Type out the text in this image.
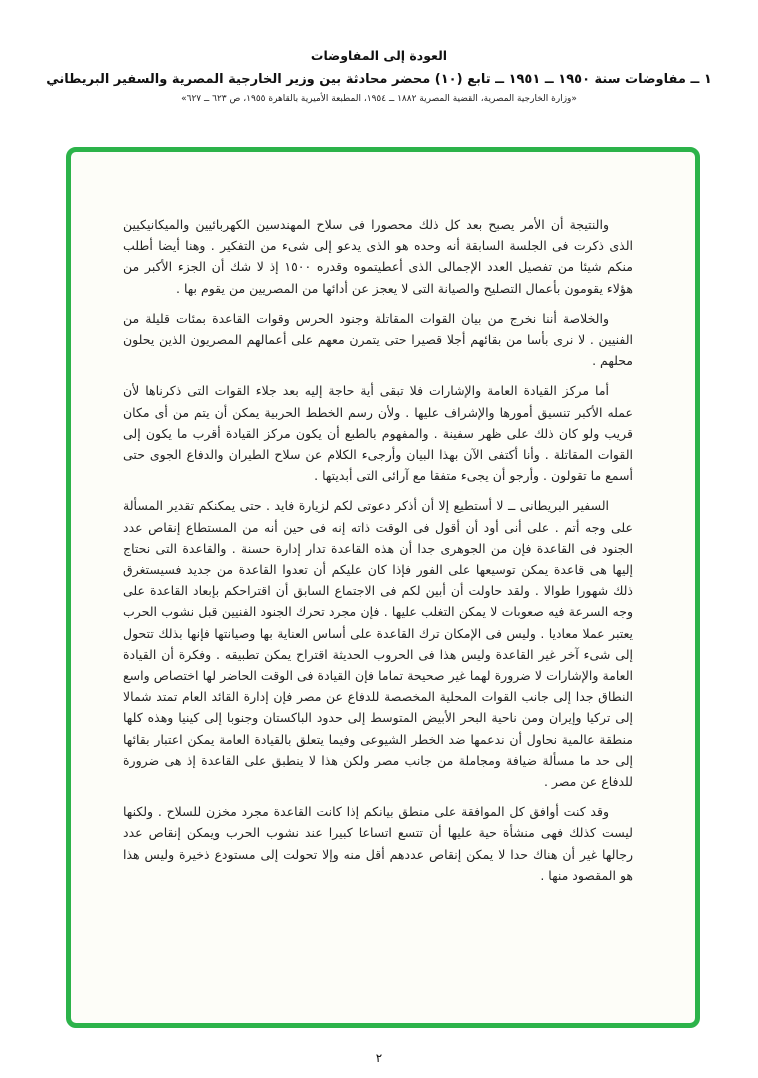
العودة إلى المفاوضات
١ ــ مفاوضات سنة ١٩٥٠ ــ ١٩٥١ ــ تابع (١٠) محضر محادثة بين وزير الخارجية المصرية والسفير البريطاني
«وزارة الخارجية المصرية، القضية المصرية ١٨٨٢ ــ ١٩٥٤، المطبعة الأميرية بالقاهرة ١٩٥٥، ص ٦٢٣ ــ ٦٢٧»

والنتيجة أن الأمر يصبح بعد كل ذلك محصورا فى سلاح المهندسين الكهربائيين والميكانيكيين الذى ذكرت فى الجلسة السابقة أنه وحده هو الذى يدعو إلى شىء من التفكير . وهنا أيضا أطلب منكم شيئا من تفصيل العدد الإجمالى الذى أعطيتموه وقدره ١٥٠٠ إذ لا شك أن الجزء الأكبر من هؤلاء يقومون بأعمال التصليح والصيانة التى لا يعجز عن أدائها من المصريين من يقوم بها .

والخلاصة أننا نخرج من بيان القوات المقاتلة وجنود الحرس وقوات القاعدة بمئات قليلة من الفنيين . لا نرى بأسا من بقائهم أجلا قصيرا حتى يتمرن معهم على أعمالهم المصريون الذين يحلون محلهم .

أما مركز القيادة العامة والإشارات فلا تبقى أية حاجة إليه بعد جلاء القوات التى ذكرناها لأن عمله الأكبر تنسيق أمورها والإشراف عليها . ولأن رسم الخطط الحربية يمكن أن يتم من أى مكان قريب ولو كان ذلك على ظهر سفينة . والمفهوم بالطبع أن يكون مركز القيادة أقرب ما يكون إلى القوات المقاتلة . وأنا أكتفى الآن بهذا البيان وأرجىء الكلام عن سلاح الطيران والدفاع الجوى حتى أسمع ما تقولون . وأرجو أن يجىء متفقا مع آرائى التى أبديتها .

السفير البريطانى ــ لا أستطيع إلا أن أذكر دعوتى لكم لزيارة فايد . حتى يمكنكم تقدير المسألة على وجه أتم . على أنى أود أن أقول فى الوقت ذاته إنه فى حين أنه من المستطاع إنقاص عدد الجنود فى القاعدة فإن من الجوهرى جدا أن هذه القاعدة تدار إدارة حسنة . والقاعدة التى نحتاج إليها هى قاعدة يمكن توسيعها على الفور فإذا كان عليكم أن تعدوا القاعدة من جديد فسيستغرق ذلك شهورا طوالا . ولقد حاولت أن أبين لكم فى الاجتماع السابق أن اقتراحكم بإبعاد القاعدة على وجه السرعة فيه صعوبات لا يمكن التغلب عليها . فإن مجرد تحرك الجنود الفنيين قبل نشوب الحرب يعتبر عملا معاديا . وليس فى الإمكان ترك القاعدة على أساس العناية بها وصيانتها فإنها بذلك تتحول إلى شىء آخر غير القاعدة وليس هذا فى الحروب الحديثة اقتراح يمكن تطبيقه . وفكرة أن القيادة العامة والإشارات لا ضرورة لهما غير صحيحة تماما فإن القيادة فى الوقت الحاضر لها اختصاص واسع النطاق جدا إلى جانب القوات المحلية المخصصة للدفاع عن مصر فإن إدارة القائد العام تمتد شمالا إلى تركيا وإيران ومن ناحية البحر الأبيض المتوسط إلى حدود الباكستان وجنوبا إلى كينيا وهذه كلها منطقة عالمية نحاول أن ندعمها ضد الخطر الشيوعى وفيما يتعلق بالقيادة العامة يمكن اعتبار بقائها إلى حد ما مسألة ضيافة ومجاملة من جانب مصر ولكن هذا لا ينطبق على القاعدة إذ هى ضرورة للدفاع عن مصر .

وقد كنت أوافق كل الموافقة على منطق بيانكم إذا كانت القاعدة مجرد مخزن للسلاح . ولكنها ليست كذلك فهى منشأة حية عليها أن تتسع اتساعا كبيرا عند نشوب الحرب ويمكن إنقاص عدد رجالها غير أن هناك حدا لا يمكن إنقاص عددهم أقل منه وإلا تحولت إلى مستودع ذخيرة وليس هذا هو المقصود منها .

٢
